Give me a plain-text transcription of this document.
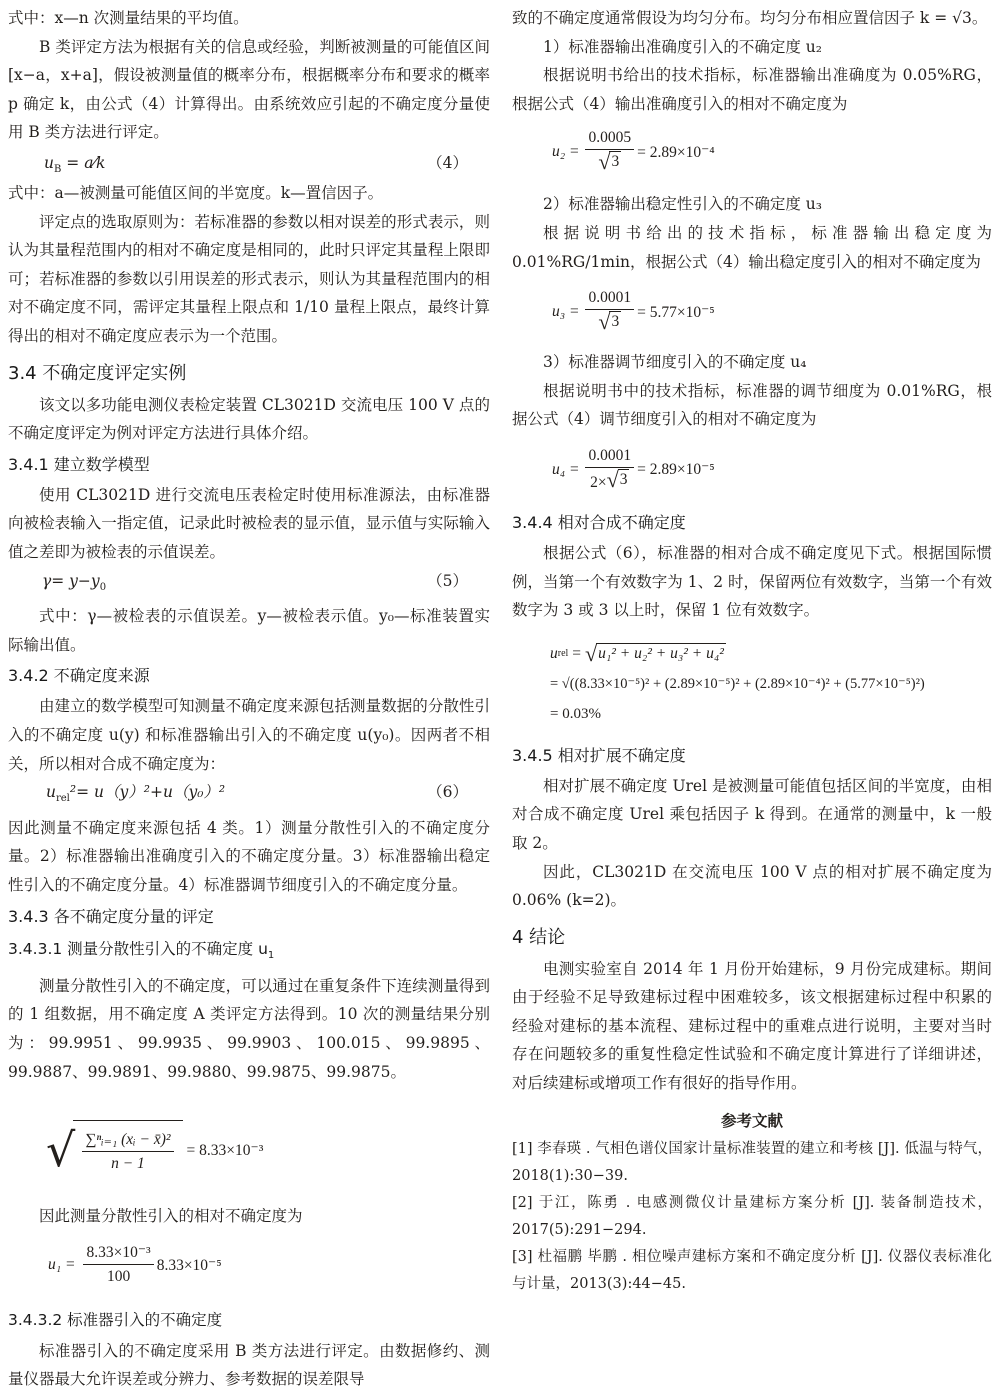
式中：x—n 次测量结果的平均值。

B 类评定方法为根据有关的信息或经验，判断被测量的可能值区间 [x−a，x+a]，假设被测量值的概率分布，根据概率分布和要求的概率 p 确定 k，由公式（4）计算得出。由系统效应引起的不确定度分量使用 B 类方法进行评定。

$u_B$ = a⁄k	（4）

式中：a—被测量可能值区间的半宽度。k—置信因子。

评定点的选取原则为：若标准器的参数以相对误差的形式表示，则认为其量程范围内的相对不确定度是相同的，此时只评定其量程上限即可；若标准器的参数以引用误差的形式表示，则认为其量程范围内的相对不确定度不同，需评定其量程上限点和 1/10 量程上限点，最终计算得出的相对不确定度应表示为一个范围。

3.4 不确定度评定实例

该文以多功能电测仪表检定装置 CL3021D 交流电压 100 V 点的不确定度评定为例对评定方法进行具体介绍。

3.4.1 建立数学模型

使用 CL3021D 进行交流电压表检定时使用标准源法，由标准器向被检表输入一指定值，记录此时被检表的显示值，显示值与实际输入值之差即为被检表的示值误差。

$\gamma= y-y_0$	（5）

式中：γ—被检表的示值误差。y—被检表示值。y₀—标准装置实际输出值。

3.4.2 不确定度来源

由建立的数学模型可知测量不确定度来源包括测量数据的分散性引入的不确定度 u(y) 和标准器输出引入的不确定度 u(y₀)。因两者不相关，所以相对合成不确定度为：

$u_{rel}^2= u(y)^2+u(y_0)^2$	（6）

因此测量不确定度来源包括 4 类。1）测量分散性引入的不确定度分量。2）标准器输出准确度引入的不确定度分量。3）标准器输出稳定性引入的不确定度分量。4）标准器调节细度引入的不确定度分量。

3.4.3 各不确定度分量的评定
3.4.3.1 测量分散性引入的不确定度 $u_1$

测量分散性引入的不确定度，可以通过在重复条件下连续测量得到的 1 组数据，用不确定度 A 类评定方法得到。10 次的测量结果分别为：99.9951、99.9935、99.9903、100.015、99.9895、99.9887、99.9891、99.9880、99.9875、99.9875。

√ $\frac{\text{∑ⁿᵢ₌₁ (xᵢ − x̄)²}}{n - 1} = 8.33\times 10^{-3}$

因此测量分散性引入的相对不确定度为

$u_1 = \frac{\text{8.33×10⁻³}}{100} 8.33\times 10^{-5}$
3.4.3.2 标准器引入的不确定度

标准器引入的不确定度采用 B 类方法进行评定。由数据修约、测量仪器最大允许误差或分辨力、参考数据的误差限导

致的不确定度通常假设为均匀分布。均匀分布相应置信因子 k = √3。

1）标准器输出准确度引入的不确定度 u₂

根据说明书给出的技术指标，标准器输出准确度为 0.05%RG，根据公式（4）输出准确度引入的相对不确定度为

$u_2 = \frac{0.0005}{√ 3} = 2.89\times 10^{-4}$

2）标准器输出稳定性引入的不确定度 u₃

根据说明书给出的技术指标，标准器输出稳定度为 0.01%RG/1min，根据公式（4）输出稳定度引入的相对不确定度为

$u_3 = \frac{0.0001}{√ 3} = 5.77\times 10^{-5}$

3）标准器调节细度引入的不确定度 u₄

根据说明书中的技术指标，标准器的调节细度为 0.01%RG，根据公式（4）调节细度引入的相对不确定度为

$u_4 = \frac{0.0001}{2\times √ 3} = 2.89\times 10^{-5}$
3.4.4 相对合成不确定度

根据公式（6），标准器的相对合成不确定度见下式。根据国际惯例，当第一个有效数字为 1、2 时，保留两位有效数字，当第一个有效数字为 3 或 3 以上时，保留 1 位有效数字。

u rel = √ u₁² + u₂² + u₃² + u₄²
= √((8.33×10⁻⁵)² + (2.89×10⁻⁵)² + (2.89×10⁻⁴)² + (5.77×10⁻⁵)²)
= 0.03%
3.4.5 相对扩展不确定度

相对扩展不确定度 Urel 是被测量可能值包括区间的半宽度，由相对合成不确定度 Urel 乘包括因子 k 得到。在通常的测量中，k 一般取 2。

因此，CL3021D 在交流电压 100 V 点的相对扩展不确定度为 0.06% (k=2)。

4 结论

电测实验室自 2014 年 1 月份开始建标，9 月份完成建标。期间由于经验不足导致建标过程中困难较多，该文根据建标过程中积累的经验对建标的基本流程、建标过程中的重难点进行说明，主要对当时存在问题较多的重复性稳定性试验和不确定度计算进行了详细讲述，对后续建标或增项工作有很好的指导作用。

参考文献

[1] 李春瑛 . 气相色谱仪国家计量标准装置的建立和考核 [J]. 低温与特气，2018(1):30−39.

[2] 于江，陈勇 . 电感测微仪计量建标方案分析 [J]. 装备制造技术，2017(5):291−294.

[3] 杜福鹏 毕鹏 . 相位噪声建标方案和不确定度分析 [J]. 仪器仪表标准化与计量，2013(3):44−45.
